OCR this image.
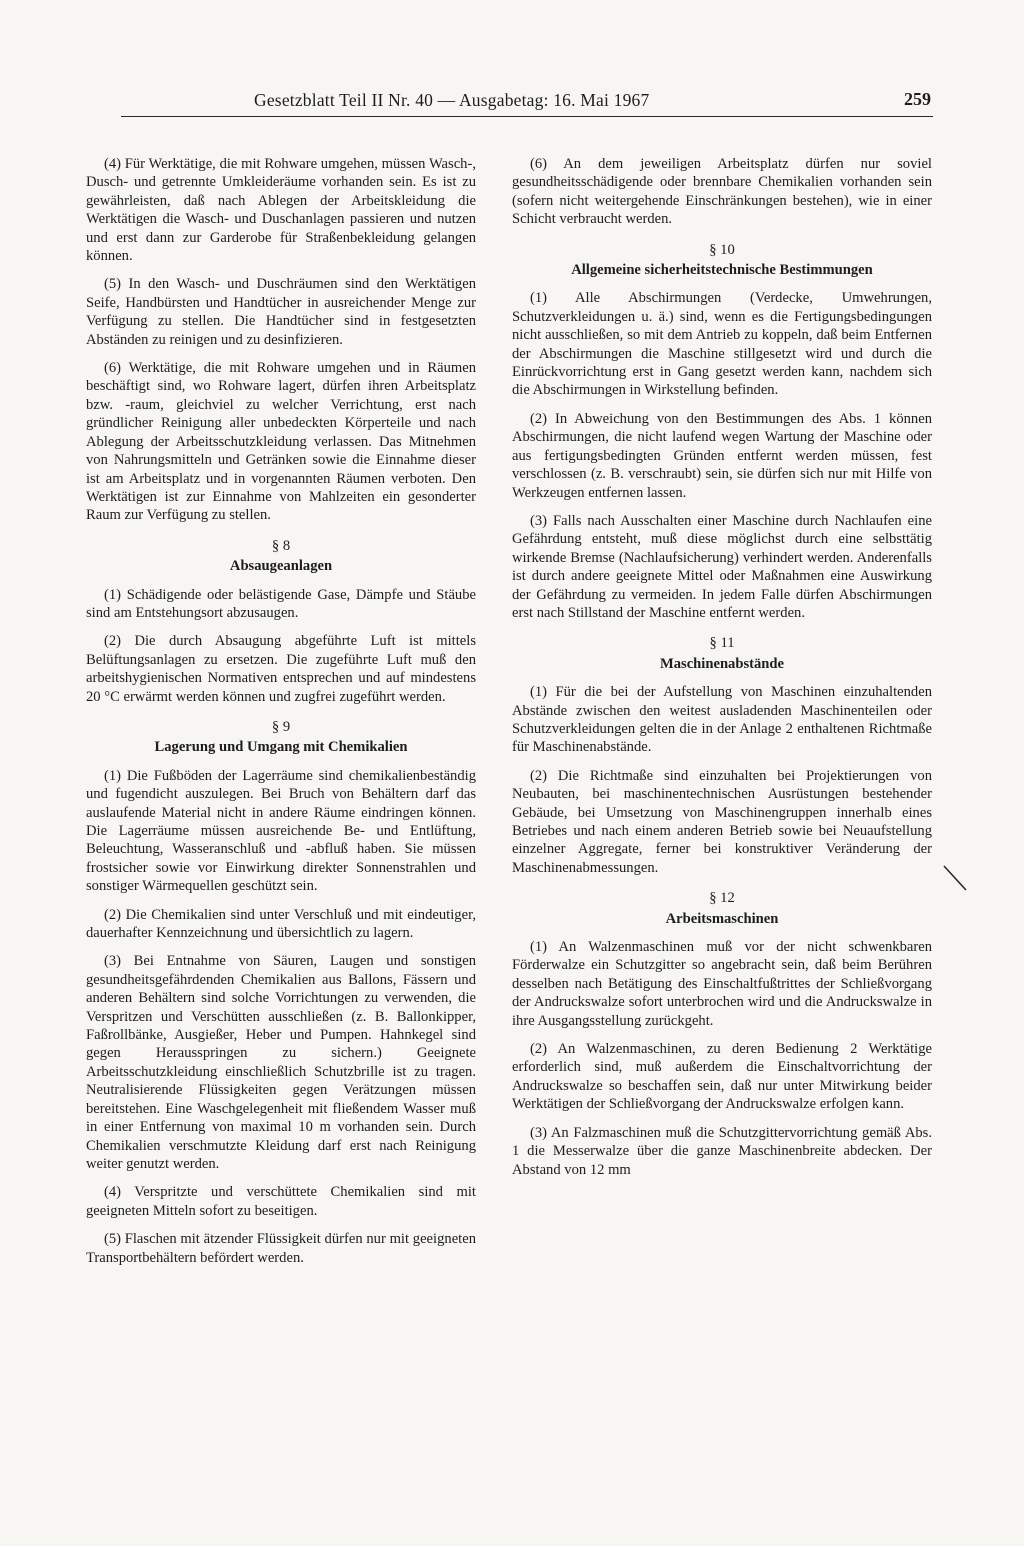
Gesetzblatt Teil II Nr. 40 — Ausgabetag: 16. Mai 1967	259

(4) Für Werktätige, die mit Rohware umgehen, müssen Wasch-, Dusch- und getrennte Umkleideräume vorhanden sein. Es ist zu gewährleisten, daß nach Ablegen der Arbeitskleidung die Werktätigen die Wasch- und Duschanlagen passieren und nutzen und erst dann zur Garderobe für Straßenbekleidung gelangen können.

(5) In den Wasch- und Duschräumen sind den Werktätigen Seife, Handbürsten und Handtücher in ausreichender Menge zur Verfügung zu stellen. Die Handtücher sind in festgesetzten Abständen zu reinigen und zu desinfizieren.

(6) Werktätige, die mit Rohware umgehen und in Räumen beschäftigt sind, wo Rohware lagert, dürfen ihren Arbeitsplatz bzw. -raum, gleichviel zu welcher Verrichtung, erst nach gründlicher Reinigung aller unbedeckten Körperteile und nach Ablegung der Arbeitsschutzkleidung verlassen. Das Mitnehmen von Nahrungsmitteln und Getränken sowie die Einnahme dieser ist am Arbeitsplatz und in vorgenannten Räumen verboten. Den Werktätigen ist zur Einnahme von Mahlzeiten ein gesonderter Raum zur Verfügung zu stellen.

§ 8

Absaugeanlagen

(1) Schädigende oder belästigende Gase, Dämpfe und Stäube sind am Entstehungsort abzusaugen.

(2) Die durch Absaugung abgeführte Luft ist mittels Belüftungsanlagen zu ersetzen. Die zugeführte Luft muß den arbeitshygienischen Normativen entsprechen und auf mindestens 20 °C erwärmt werden können und zugfrei zugeführt werden.

§ 9

Lagerung und Umgang mit Chemikalien

(1) Die Fußböden der Lagerräume sind chemikalienbeständig und fugendicht auszulegen. Bei Bruch von Behältern darf das auslaufende Material nicht in andere Räume eindringen können. Die Lagerräume müssen ausreichende Be- und Entlüftung, Beleuchtung, Wasseranschluß und -abfluß haben. Sie müssen frostsicher sowie vor Einwirkung direkter Sonnenstrahlen und sonstiger Wärmequellen geschützt sein.

(2) Die Chemikalien sind unter Verschluß und mit eindeutiger, dauerhafter Kennzeichnung und übersichtlich zu lagern.

(3) Bei Entnahme von Säuren, Laugen und sonstigen gesundheitsgefährdenden Chemikalien aus Ballons, Fässern und anderen Behältern sind solche Vorrichtungen zu verwenden, die Verspritzen und Verschütten ausschließen (z. B. Ballonkipper, Faßrollbänke, Ausgießer, Heber und Pumpen. Hahnkegel sind gegen Herausspringen zu sichern.) Geeignete Arbeitsschutzkleidung einschließlich Schutzbrille ist zu tragen. Neutralisierende Flüssigkeiten gegen Verätzungen müssen bereitstehen. Eine Waschgelegenheit mit fließendem Wasser muß in einer Entfernung von maximal 10 m vorhanden sein. Durch Chemikalien verschmutzte Kleidung darf erst nach Reinigung weiter genutzt werden.

(4) Verspritzte und verschüttete Chemikalien sind mit geeigneten Mitteln sofort zu beseitigen.

(5) Flaschen mit ätzender Flüssigkeit dürfen nur mit geeigneten Transportbehältern befördert werden.

(6) An dem jeweiligen Arbeitsplatz dürfen nur soviel gesundheitsschädigende oder brennbare Chemikalien vorhanden sein (sofern nicht weitergehende Einschränkungen bestehen), wie in einer Schicht verbraucht werden.

§ 10

Allgemeine sicherheitstechnische Bestimmungen

(1) Alle Abschirmungen (Verdecke, Umwehrungen, Schutzverkleidungen u. ä.) sind, wenn es die Fertigungsbedingungen nicht ausschließen, so mit dem Antrieb zu koppeln, daß beim Entfernen der Abschirmungen die Maschine stillgesetzt wird und durch die Einrückvorrichtung erst in Gang gesetzt werden kann, nachdem sich die Abschirmungen in Wirkstellung befinden.

(2) In Abweichung von den Bestimmungen des Abs. 1 können Abschirmungen, die nicht laufend wegen Wartung der Maschine oder aus fertigungsbedingten Gründen entfernt werden müssen, fest verschlossen (z. B. verschraubt) sein, sie dürfen sich nur mit Hilfe von Werkzeugen entfernen lassen.

(3) Falls nach Ausschalten einer Maschine durch Nachlaufen eine Gefährdung entsteht, muß diese möglichst durch eine selbsttätig wirkende Bremse (Nachlaufsicherung) verhindert werden. Anderenfalls ist durch andere geeignete Mittel oder Maßnahmen eine Auswirkung der Gefährdung zu vermeiden. In jedem Falle dürfen Abschirmungen erst nach Stillstand der Maschine entfernt werden.

§ 11

Maschinenabstände

(1) Für die bei der Aufstellung von Maschinen einzuhaltenden Abstände zwischen den weitest ausladenden Maschinenteilen oder Schutzverkleidungen gelten die in der Anlage 2 enthaltenen Richtmaße für Maschinenabstände.

(2) Die Richtmaße sind einzuhalten bei Projektierungen von Neubauten, bei maschinentechnischen Ausrüstungen bestehender Gebäude, bei Umsetzung von Maschinengruppen innerhalb eines Betriebes und nach einem anderen Betrieb sowie bei Neuaufstellung einzelner Aggregate, ferner bei konstruktiver Veränderung der Maschinenabmessungen.

§ 12

Arbeitsmaschinen

(1) An Walzenmaschinen muß vor der nicht schwenkbaren Förderwalze ein Schutzgitter so angebracht sein, daß beim Berühren desselben nach Betätigung des Einschaltfußtrittes der Schließvorgang der Andruckswalze sofort unterbrochen wird und die Andruckswalze in ihre Ausgangsstellung zurückgeht.

(2) An Walzenmaschinen, zu deren Bedienung 2 Werktätige erforderlich sind, muß außerdem die Einschaltvorrichtung der Andruckswalze so beschaffen sein, daß nur unter Mitwirkung beider Werktätigen der Schließvorgang der Andruckswalze erfolgen kann.

(3) An Falzmaschinen muß die Schutzgittervorrichtung gemäß Abs. 1 die Messerwalze über die ganze Maschinenbreite abdecken. Der Abstand von 12 mm
